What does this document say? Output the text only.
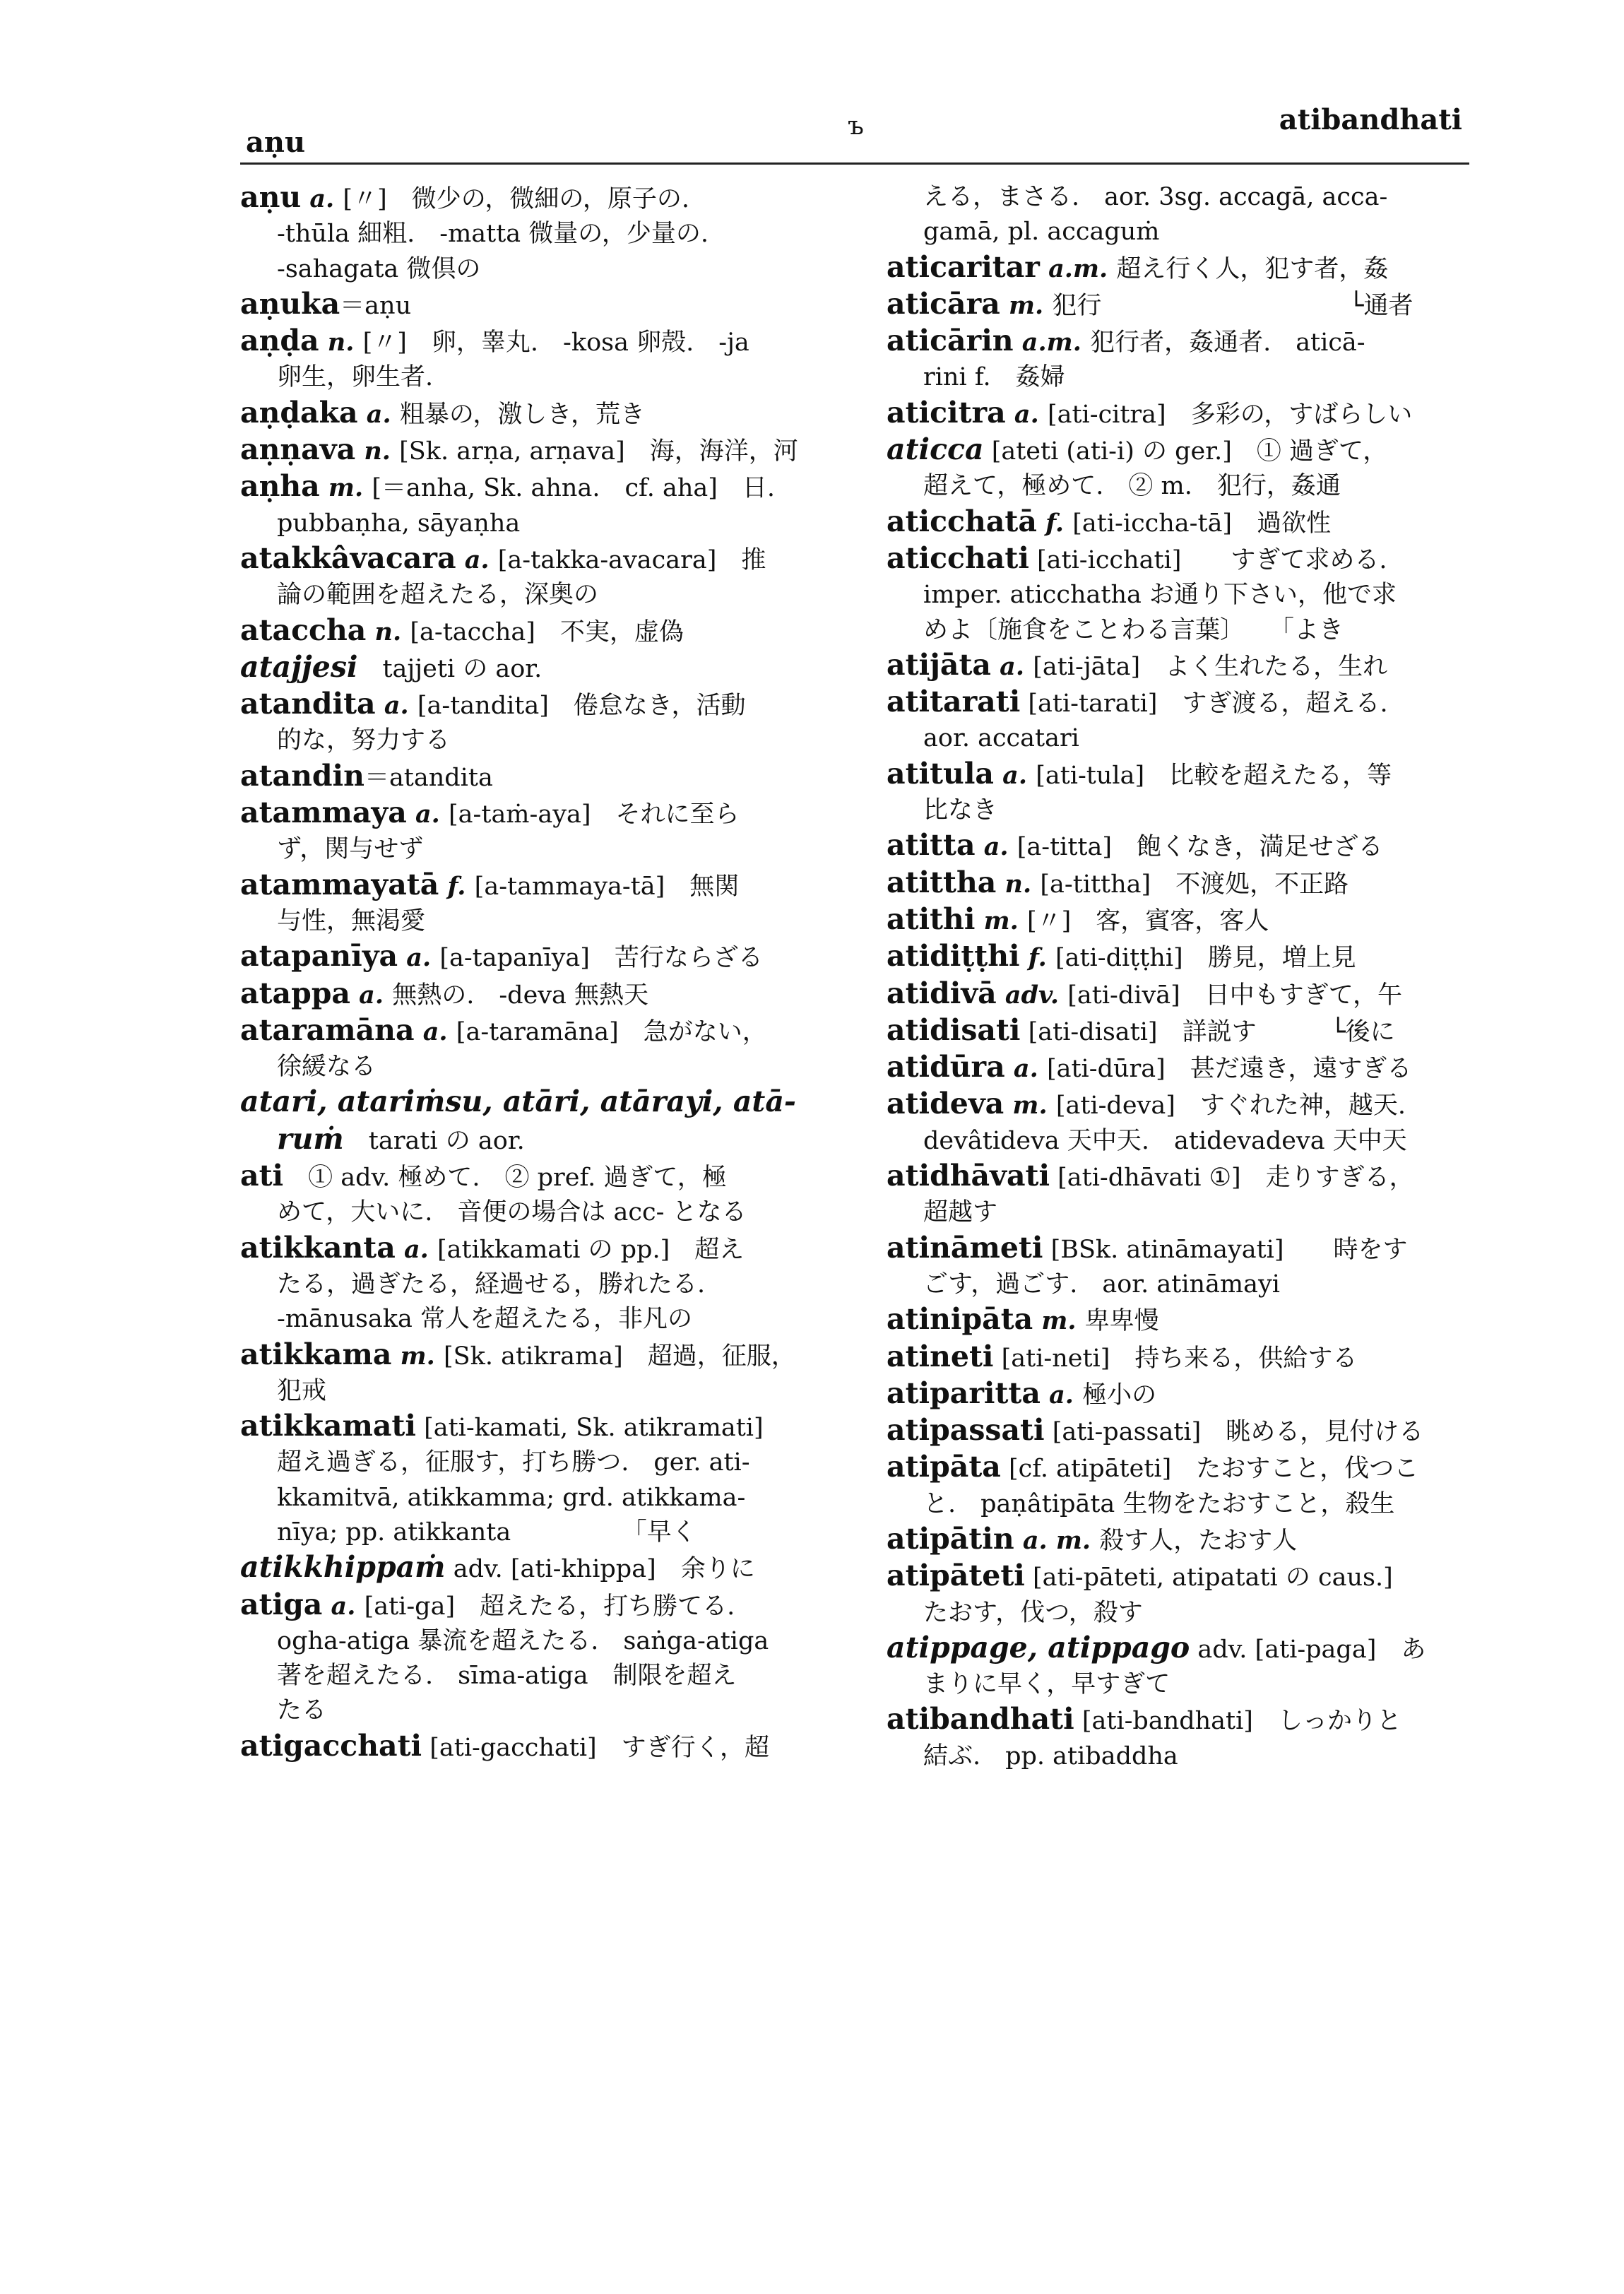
aṇu	ъ	atibandhati
aṇu a. [〃]　微少の，微細の，原子の.
-thūla 細粗.　-matta 微量の，少量の.
-sahagata 微倶の
aṇuka＝aṇu
aṇḍa n. [〃]　卵，睾丸.　-kosa 卵殻.　-ja
卵生，卵生者.
aṇḍaka a. 粗暴の，激しき，荒き
aṇṇava n. [Sk. arṇa, arṇava]　海，海洋，河
aṇha m. [＝anha, Sk. ahna.　cf. aha]　日.
pubbaṇha, sāyaṇha
atakkâvacara a. [a-takka-avacara]　推
論の範囲を超えたる，深奥の
ataccha n. [a-taccha]　不実，虚偽
atajjesi　tajjeti の aor.
atandita a. [a-tandita]　倦怠なき，活動
的な，努力する
atandin＝atandita
atammaya a. [a-taṁ-aya]　それに至ら
ず，関与せず
atammayatā f. [a-tammaya-tā]　無関
与性，無渇愛
atapanīya a. [a-tapanīya]　苦行ならざる
atappa a. 無熱の.　-deva 無熱天
ataramāna a. [a-taramāna]　急がない，
徐緩なる
atari, atariṁsu, atāri, atārayi, atā-
ruṁ　tarati の aor.
ati　① adv. 極めて.　② pref. 過ぎて，極
めて，大いに.　音便の場合は acc- となる
atikkanta a. [atikkamati の pp.]　超え
たる，過ぎたる，経過せる，勝れたる.
-mānusaka 常人を超えたる，非凡の
atikkama m. [Sk. atikrama]　超過，征服，
犯戒
atikkamati [ati-kamati, Sk. atikramati]
超え過ぎる，征服す，打ち勝つ.　ger. ati-
kkamitvā, atikkamma; grd. atikkama-
nīya; pp. atikkanta　　　　　「早く
atikkhippaṁ adv. [ati-khippa]　余りに
atiga a. [ati-ga]　超えたる，打ち勝てる.
ogha-atiga 暴流を超えたる.　saṅga-atiga
著を超えたる.　sīma-atiga　制限を超え
たる
atigacchati [ati-gacchati]　すぎ行く，超
える，まさる.　aor. 3sg. accagā, acca-
gamā, pl. accaguṁ
aticaritar a.m. 超え行く人，犯す者，姦
aticāra m. 犯行　　　　　　　　　　└通者
aticārin a.m. 犯行者，姦通者.　aticā-
rini f.　姦婦
aticitra a. [ati-citra]　多彩の，すばらしい
aticca [ateti (ati-i) の ger.]　① 過ぎて，
超えて，極めて.　② m.　犯行，姦通
aticchatā f. [ati-iccha-tā]　過欲性
aticchati [ati-icchati]　　すぎて求める.
imper. aticchatha お通り下さい，他で求
めよ〔施食をことわる言葉〕　　「よき
atijāta a. [ati-jāta]　よく生れたる，生れ
atitarati [ati-tarati]　すぎ渡る，超える.
aor. accatari
atitula a. [ati-tula]　比較を超えたる，等
比なき
atitta a. [a-titta]　飽くなき，満足せざる
atittha n. [a-tittha]　不渡処，不正路
atithi m. [〃]　客，賓客，客人
atidiṭṭhi f. [ati-diṭṭhi]　勝見，増上見
atidivā adv. [ati-divā]　日中もすぎて，午
atidisati [ati-disati]　詳説す　　　└後に
atidūra a. [ati-dūra]　甚だ遠き，遠すぎる
atideva m. [ati-deva]　すぐれた神，越天.
devâtideva 天中天.　atidevadeva 天中天
atidhāvati [ati-dhāvati ①]　走りすぎる，
超越す
atināmeti [BSk. atināmayati]　　時をす
ごす，過ごす.　aor. atināmayi
atinipāta m. 卑卑慢
atineti [ati-neti]　持ち来る，供給する
atiparitta a. 極小の
atipassati [ati-passati]　眺める，見付ける
atipāta [cf. atipāteti]　たおすこと，伐つこ
と.　paṇâtipāta 生物をたおすこと，殺生
atipātin a. m. 殺す人，たおす人
atipāteti [ati-pāteti, atipatati の caus.]
たおす，伐つ，殺す
atippage, atippago adv. [ati-paga]　あ
まりに早く，早すぎて
atibandhati [ati-bandhati]　しっかりと
結ぶ.　pp. atibaddha
